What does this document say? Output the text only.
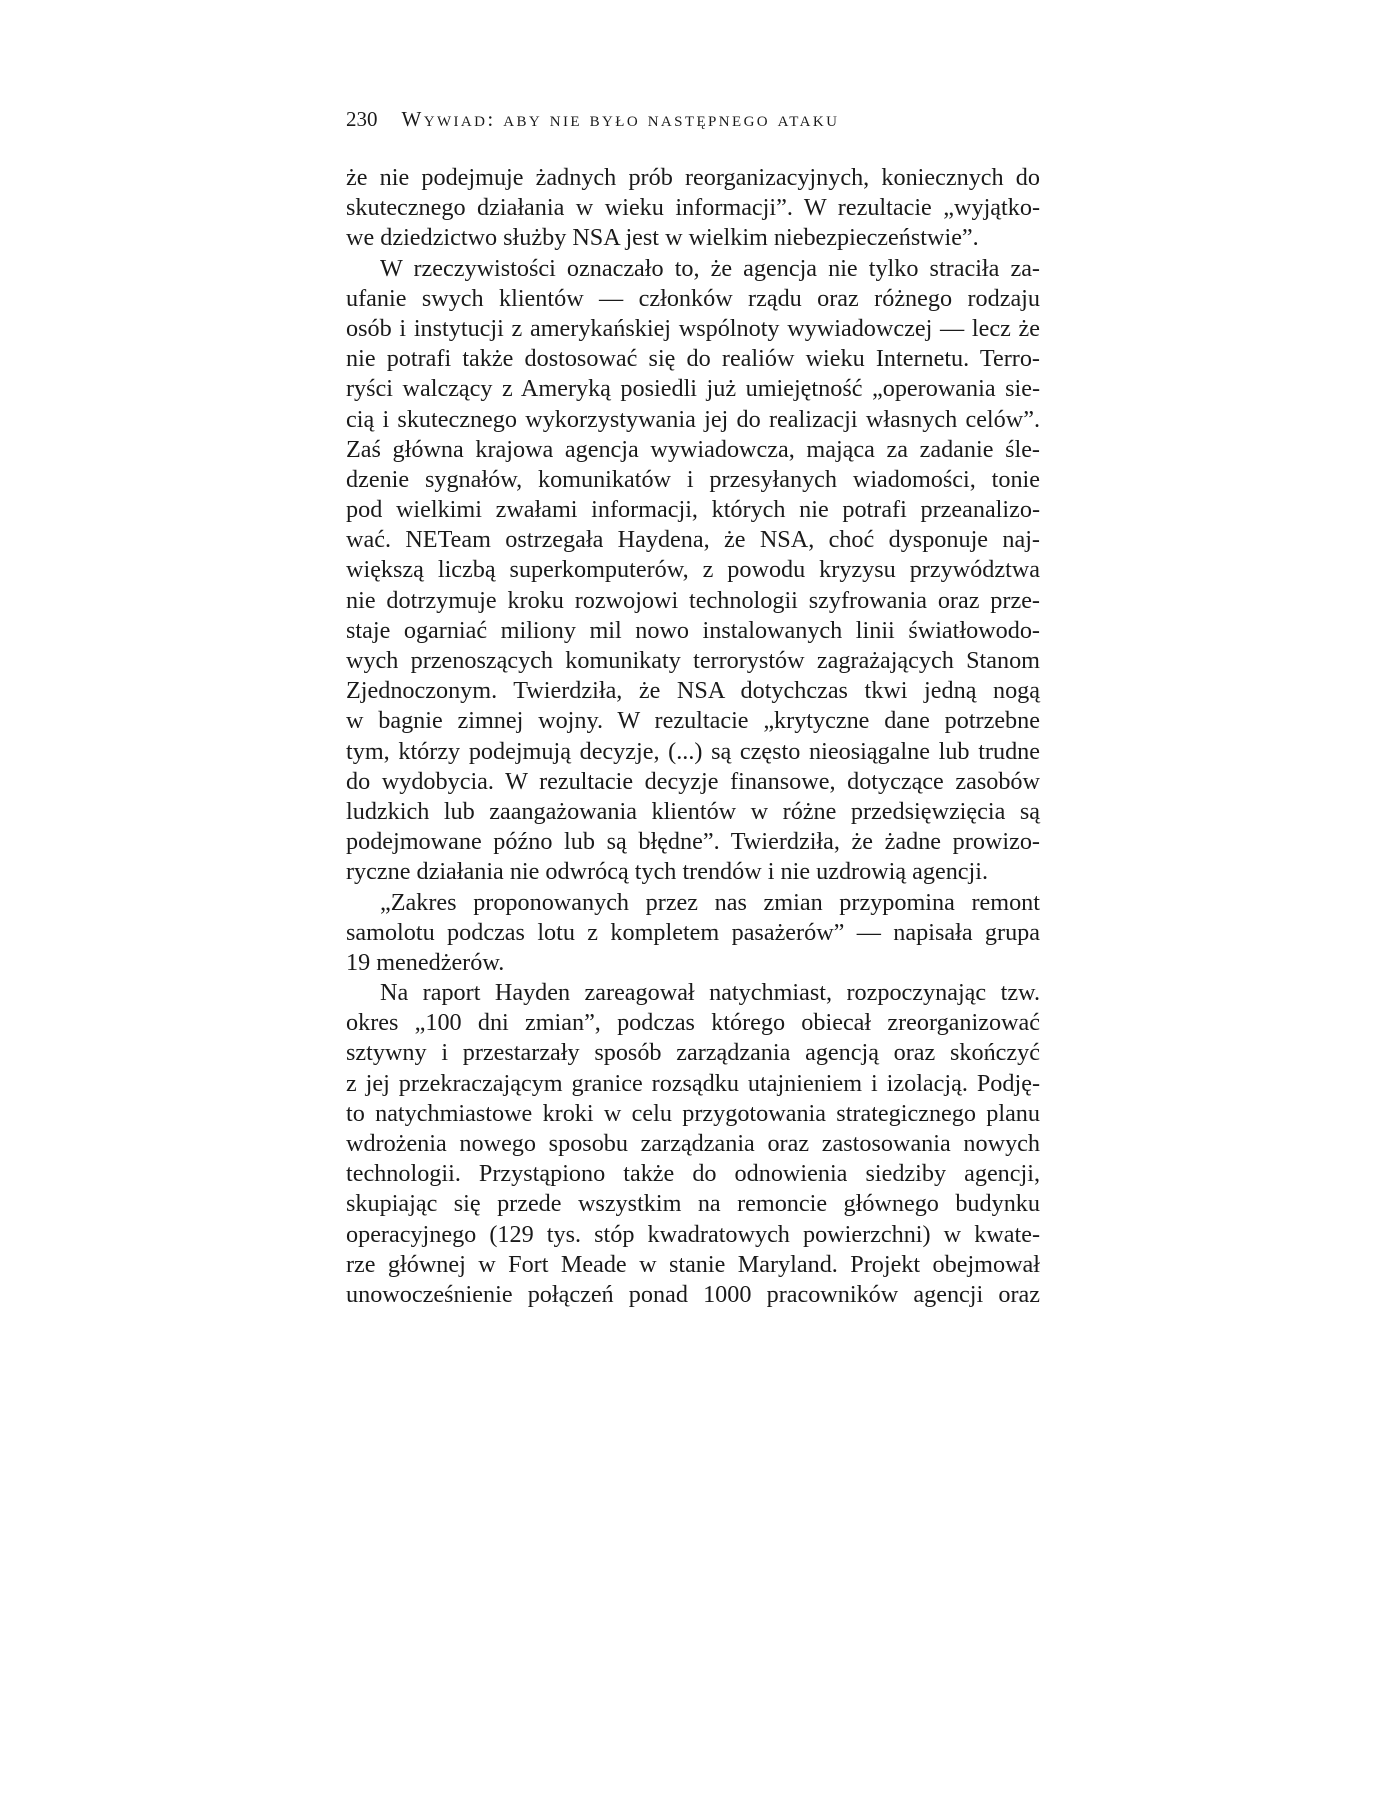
230 Wywiad: aby nie było następnego ataku
że nie podejmuje żadnych prób reorganizacyjnych, koniecznych do
skutecznego działania w wieku informacji”. W rezultacie „wyjątko-
we dziedzictwo służby NSA jest w wielkim niebezpieczeństwie”.
W rzeczywistości oznaczało to, że agencja nie tylko straciła za-
ufanie swych klientów — członków rządu oraz różnego rodzaju
osób i instytucji z amerykańskiej wspólnoty wywiadowczej — lecz że
nie potrafi także dostosować się do realiów wieku Internetu. Terro-
ryści walczący z Ameryką posiedli już umiejętność „operowania sie-
cią i skutecznego wykorzystywania jej do realizacji własnych celów”.
Zaś główna krajowa agencja wywiadowcza, mająca za zadanie śle-
dzenie sygnałów, komunikatów i przesyłanych wiadomości, tonie
pod wielkimi zwałami informacji, których nie potrafi przeanalizo-
wać. NETeam ostrzegała Haydena, że NSA, choć dysponuje naj-
większą liczbą superkomputerów, z powodu kryzysu przywództwa
nie dotrzymuje kroku rozwojowi technologii szyfrowania oraz prze-
staje ogarniać miliony mil nowo instalowanych linii światłowodo-
wych przenoszących komunikaty terrorystów zagrażających Stanom
Zjednoczonym. Twierdziła, że NSA dotychczas tkwi jedną nogą
w bagnie zimnej wojny. W rezultacie „krytyczne dane potrzebne
tym, którzy podejmują decyzje, (...) są często nieosiągalne lub trudne
do wydobycia. W rezultacie decyzje finansowe, dotyczące zasobów
ludzkich lub zaangażowania klientów w różne przedsięwzięcia są
podejmowane późno lub są błędne”. Twierdziła, że żadne prowizo-
ryczne działania nie odwrócą tych trendów i nie uzdrowią agencji.
„Zakres proponowanych przez nas zmian przypomina remont
samolotu podczas lotu z kompletem pasażerów” — napisała grupa
19 menedżerów.
Na raport Hayden zareagował natychmiast, rozpoczynając tzw.
okres „100 dni zmian”, podczas którego obiecał zreorganizować
sztywny i przestarzały sposób zarządzania agencją oraz skończyć
z jej przekraczającym granice rozsądku utajnieniem i izolacją. Podję-
to natychmiastowe kroki w celu przygotowania strategicznego planu
wdrożenia nowego sposobu zarządzania oraz zastosowania nowych
technologii. Przystąpiono także do odnowienia siedziby agencji,
skupiając się przede wszystkim na remoncie głównego budynku
operacyjnego (129 tys. stóp kwadratowych powierzchni) w kwate-
rze głównej w Fort Meade w stanie Maryland. Projekt obejmował
unowocześnienie połączeń ponad 1000 pracowników agencji oraz
